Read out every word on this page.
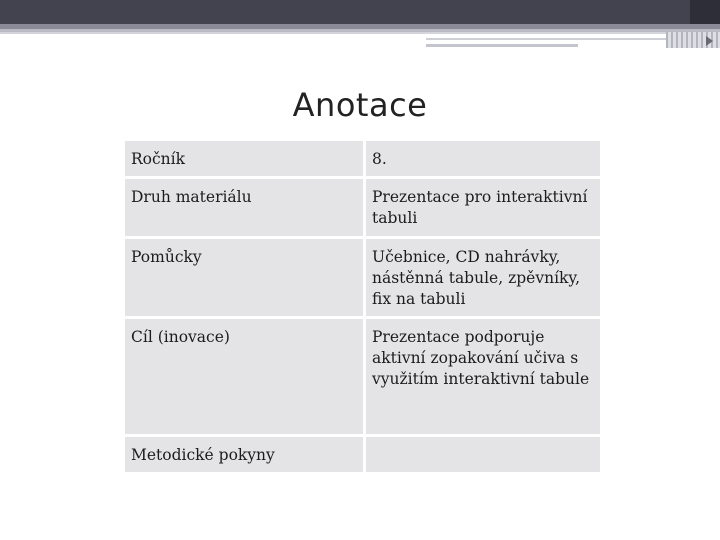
Anotace
Ročník	8.
Druh materiálu	Prezentace pro interaktivní tabuli
Pomůcky	Učebnice, CD nahrávky, nástěnná tabule, zpěvníky, fix na tabuli
Cíl (inovace)	Prezentace podporuje aktivní zopakování učiva s využitím interaktivní tabule
Metodické pokyny	
